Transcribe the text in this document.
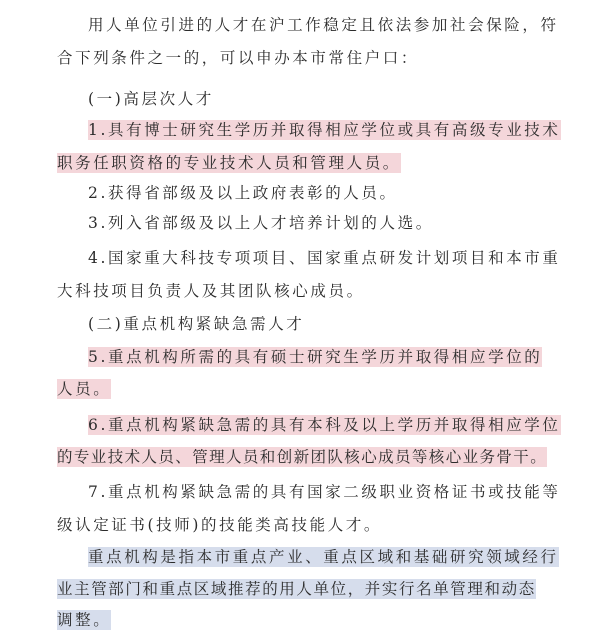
用人单位引进的人才在沪工作稳定且依法参加社会保险，符
合下列条件之一的，可以申办本市常住户口：
(一)高层次人才
1.具有博士研究生学历并取得相应学位或具有高级专业技术
职务任职资格的专业技术人员和管理人员。
2.获得省部级及以上政府表彰的人员。
3.列入省部级及以上人才培养计划的人选。
4.国家重大科技专项项目、国家重点研发计划项目和本市重
大科技项目负责人及其团队核心成员。
(二)重点机构紧缺急需人才
5.重点机构所需的具有硕士研究生学历并取得相应学位的
人员。
6.重点机构紧缺急需的具有本科及以上学历并取得相应学位
的专业技术人员、管理人员和创新团队核心成员等核心业务骨干。
7.重点机构紧缺急需的具有国家二级职业资格证书或技能等
级认定证书(技师)的技能类高技能人才。
重点机构是指本市重点产业、重点区域和基础研究领域经行
业主管部门和重点区域推荐的用人单位，并实行名单管理和动态
调整。
